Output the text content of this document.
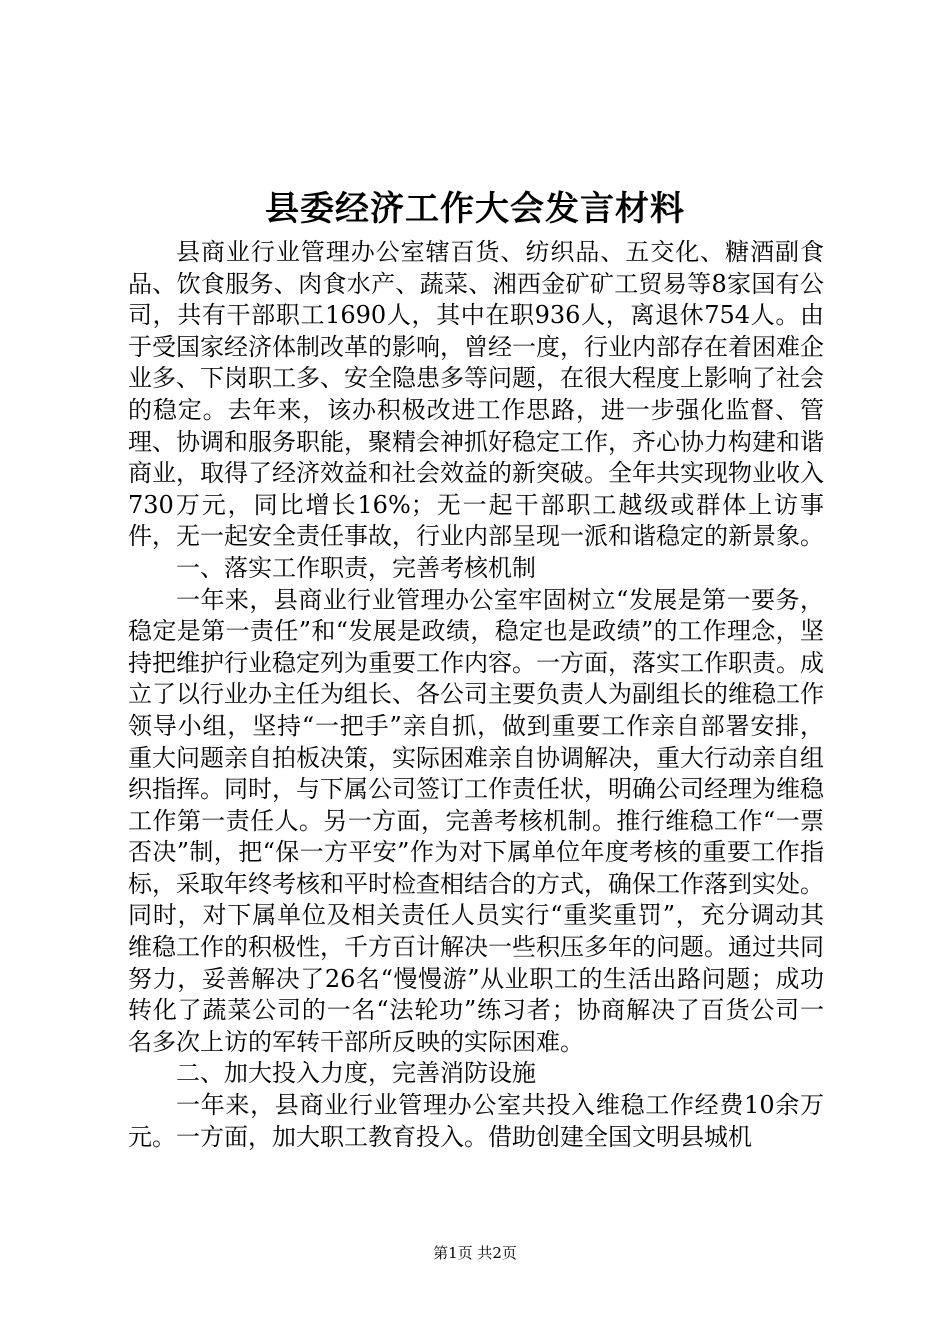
县委经济工作大会发言材料

县商业行业管理办公室辖百货、纺织品、五交化、糖酒副食品、饮食服务、肉食水产、蔬菜、湘西金矿矿工贸易等8家国有公司，共有干部职工1690人，其中在职936人，离退休754人。由于受国家经济体制改革的影响，曾经一度，行业内部存在着困难企业多、下岗职工多、安全隐患多等问题，在很大程度上影响了社会的稳定。去年来，该办积极改进工作思路，进一步强化监督、管理、协调和服务职能，聚精会神抓好稳定工作，齐心协力构建和谐商业，取得了经济效益和社会效益的新突破。全年共实现物业收入730万元，同比增长16%；无一起干部职工越级或群体上访事件，无一起安全责任事故，行业内部呈现一派和谐稳定的新景象。

一、落实工作职责，完善考核机制

一年来，县商业行业管理办公室牢固树立“发展是第一要务，稳定是第一责任”和“发展是政绩，稳定也是政绩”的工作理念，坚持把维护行业稳定列为重要工作内容。一方面，落实工作职责。成立了以行业办主任为组长、各公司主要负责人为副组长的维稳工作领导小组，坚持“一把手”亲自抓，做到重要工作亲自部署安排，重大问题亲自拍板决策，实际困难亲自协调解决，重大行动亲自组织指挥。同时，与下属公司签订工作责任状，明确公司经理为维稳工作第一责任人。另一方面，完善考核机制。推行维稳工作“一票否决”制，把“保一方平安”作为对下属单位年度考核的重要工作指标，采取年终考核和平时检查相结合的方式，确保工作落到实处。同时，对下属单位及相关责任人员实行“重奖重罚”，充分调动其维稳工作的积极性，千方百计解决一些积压多年的问题。通过共同努力，妥善解决了26名“慢慢游”从业职工的生活出路问题；成功转化了蔬菜公司的一名“法轮功”练习者；协商解决了百货公司一名多次上访的军转干部所反映的实际困难。

二、加大投入力度，完善消防设施

一年来，县商业行业管理办公室共投入维稳工作经费10余万元。一方面，加大职工教育投入。借助创建全国文明县城机

第1页 共2页
